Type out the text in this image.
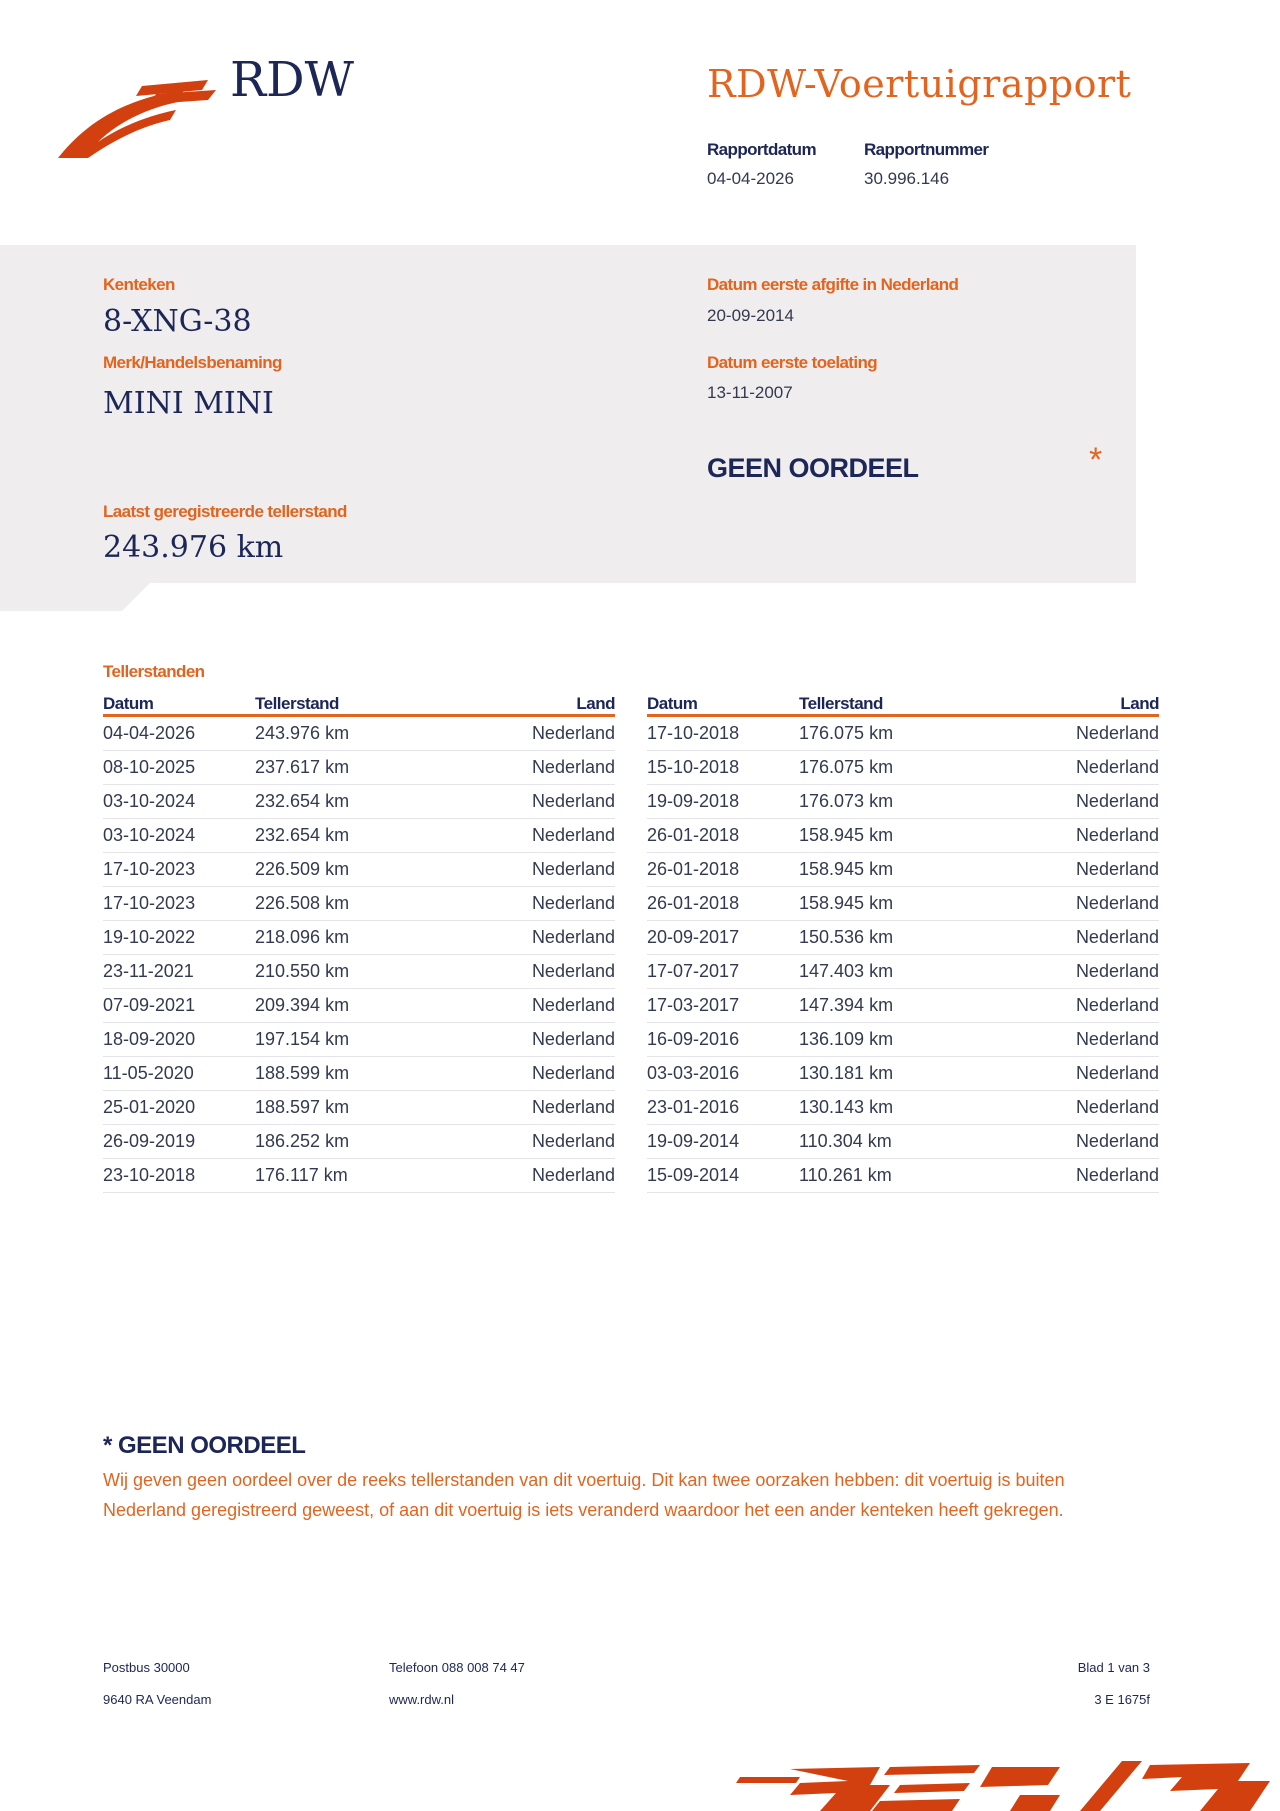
RDW	RDW-Voertuigrapport
Rapportdatum
04-04-2026
Rapportnummer
30.996.146
Kenteken
8-XNG-38
Merk/Handelsbenaming
MINI MINI
Datum eerste afgifte in Nederland
20-09-2014
Datum eerste toelating
13-11-2007
GEEN OORDEEL	*
Laatst geregistreerde tellerstand
243.976 km
Tellerstanden
Datum	Tellerstand	Land
04-04-2026	243.976 km	Nederland
08-10-2025	237.617 km	Nederland
03-10-2024	232.654 km	Nederland
03-10-2024	232.654 km	Nederland
17-10-2023	226.509 km	Nederland
17-10-2023	226.508 km	Nederland
19-10-2022	218.096 km	Nederland
23-11-2021	210.550 km	Nederland
07-09-2021	209.394 km	Nederland
18-09-2020	197.154 km	Nederland
11-05-2020	188.599 km	Nederland
25-01-2020	188.597 km	Nederland
26-09-2019	186.252 km	Nederland
23-10-2018	176.117 km	Nederland
Datum	Tellerstand	Land
17-10-2018	176.075 km	Nederland
15-10-2018	176.075 km	Nederland
19-09-2018	176.073 km	Nederland
26-01-2018	158.945 km	Nederland
26-01-2018	158.945 km	Nederland
26-01-2018	158.945 km	Nederland
20-09-2017	150.536 km	Nederland
17-07-2017	147.403 km	Nederland
17-03-2017	147.394 km	Nederland
16-09-2016	136.109 km	Nederland
03-03-2016	130.181 km	Nederland
23-01-2016	130.143 km	Nederland
19-09-2014	110.304 km	Nederland
15-09-2014	110.261 km	Nederland
* GEEN OORDEEL
Wij geven geen oordeel over de reeks tellerstanden van dit voertuig. Dit kan twee oorzaken hebben: dit voertuig is buiten Nederland geregistreerd geweest, of aan dit voertuig is iets veranderd waardoor het een ander kenteken heeft gekregen.
Postbus 30000
9640 RA Veendam
Telefoon 088 008 74 47
www.rdw.nl
Blad 1 van 3
3 E 1675f
